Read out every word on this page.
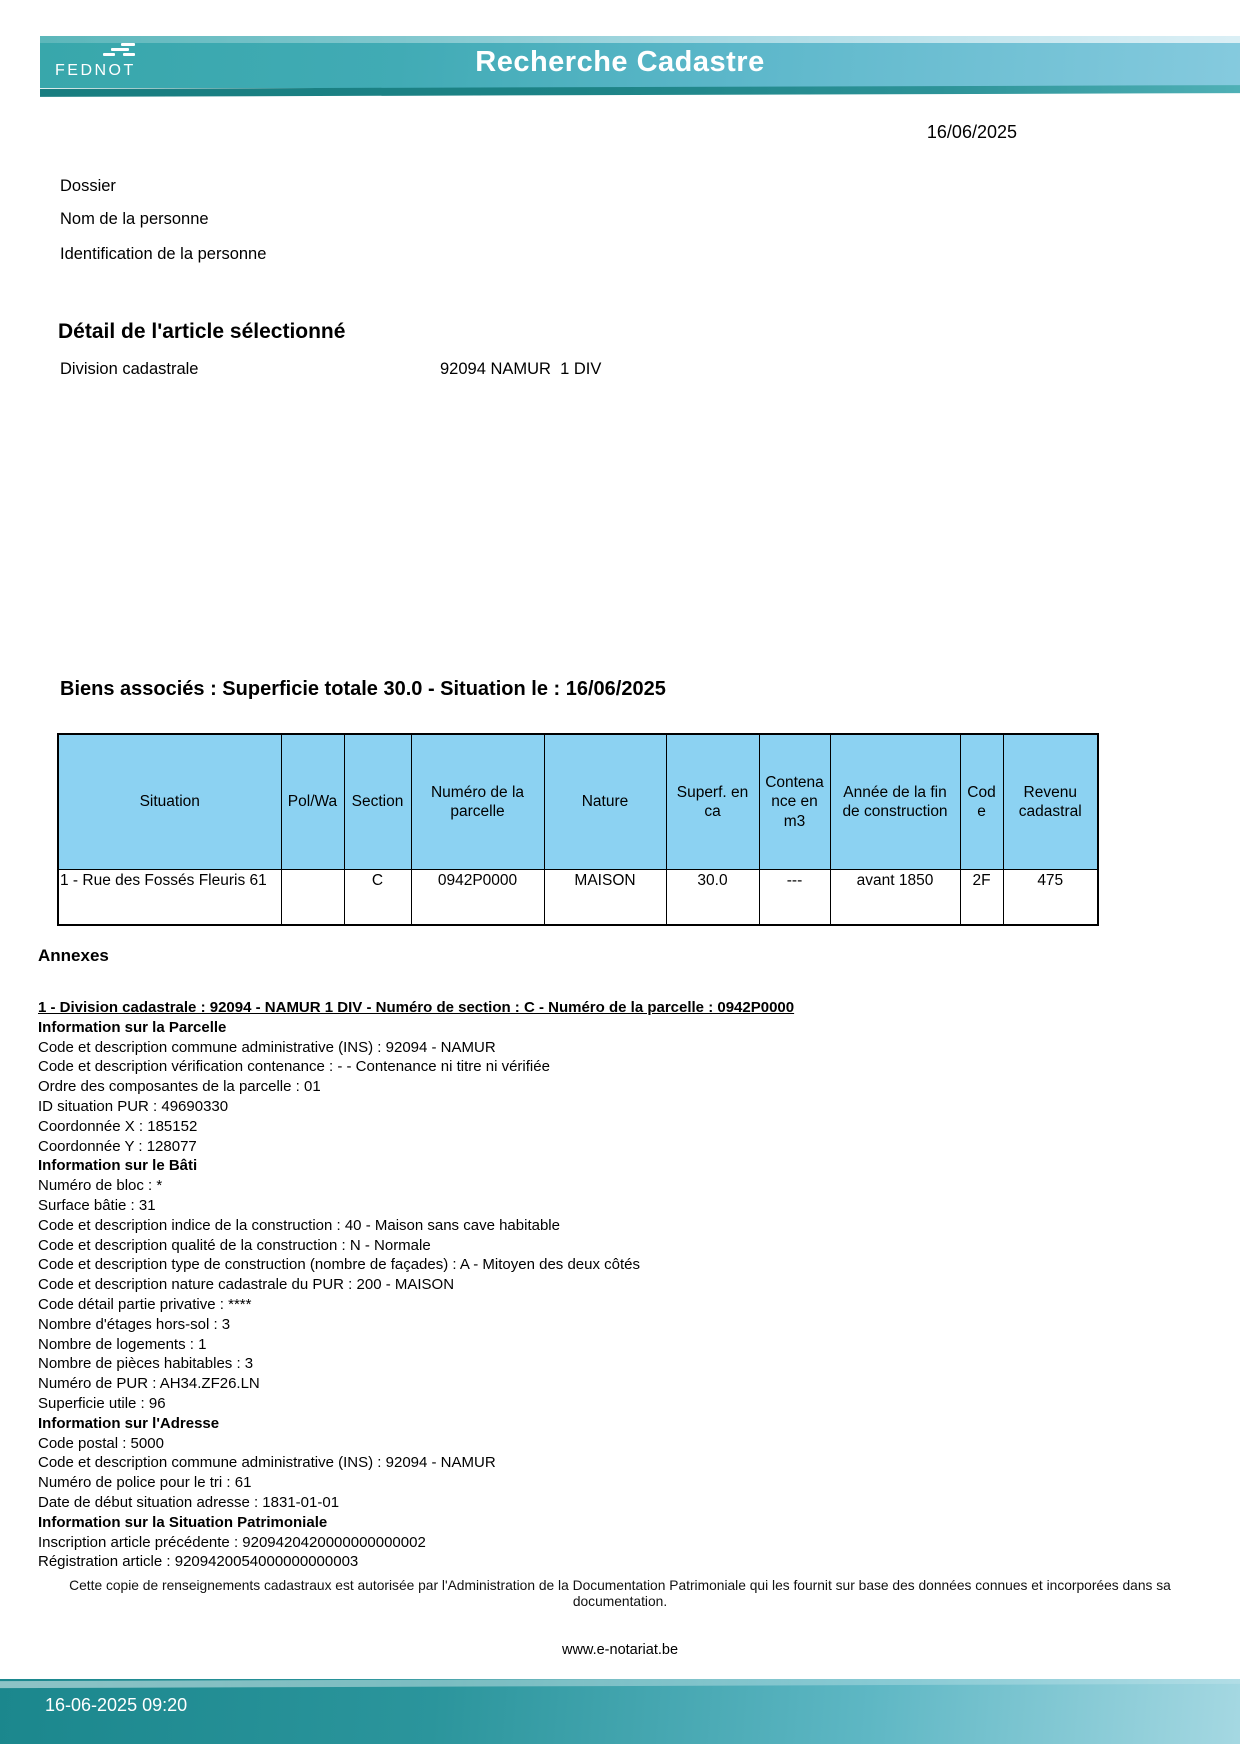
FEDNOT	Recherche Cadastre
16/06/2025
Dossier
Nom de la personne
Identification de la personne
Détail de l'article sélectionné
Division cadastrale	92094 NAMUR  1 DIV
Biens associés : Superficie totale 30.0 - Situation le : 16/06/2025
Situation	Pol/Wa	Section	Numéro de la parcelle	Nature	Superf. en ca	Contenance en m3	Année de la fin de construction	Code	Revenu cadastral
1 - Rue des Fossés Fleuris 61		C	0942P0000	MAISON	30.0	---	avant 1850	2F	475
Annexes
1 - Division cadastrale : 92094 - NAMUR 1 DIV - Numéro de section : C - Numéro de la parcelle : 0942P0000
Information sur la Parcelle
Code et description commune administrative (INS) : 92094 - NAMUR
Code et description vérification contenance : - - Contenance ni titre ni vérifiée
Ordre des composantes de la parcelle : 01
ID situation PUR : 49690330
Coordonnée X : 185152
Coordonnée Y : 128077
Information sur le Bâti
Numéro de bloc : *
Surface bâtie : 31
Code et description indice de la construction : 40 - Maison sans cave habitable
Code et description qualité de la construction : N - Normale
Code et description type de construction (nombre de façades) : A - Mitoyen des deux côtés
Code et description nature cadastrale du PUR : 200 - MAISON
Code détail partie privative : ****
Nombre d'étages hors-sol : 3
Nombre de logements : 1
Nombre de pièces habitables : 3
Numéro de PUR : AH34.ZF26.LN
Superficie utile : 96
Information sur l'Adresse
Code postal : 5000
Code et description commune administrative (INS) : 92094 - NAMUR
Numéro de police pour le tri : 61
Date de début situation adresse : 1831-01-01
Information sur la Situation Patrimoniale
Inscription article précédente : 9209420420000000000002
Régistration article : 9209420054000000000003
Cette copie de renseignements cadastraux est autorisée par l'Administration de la Documentation Patrimoniale qui les fournit sur base des données connues et incorporées dans sa documentation.
www.e-notariat.be
16-06-2025 09:20
